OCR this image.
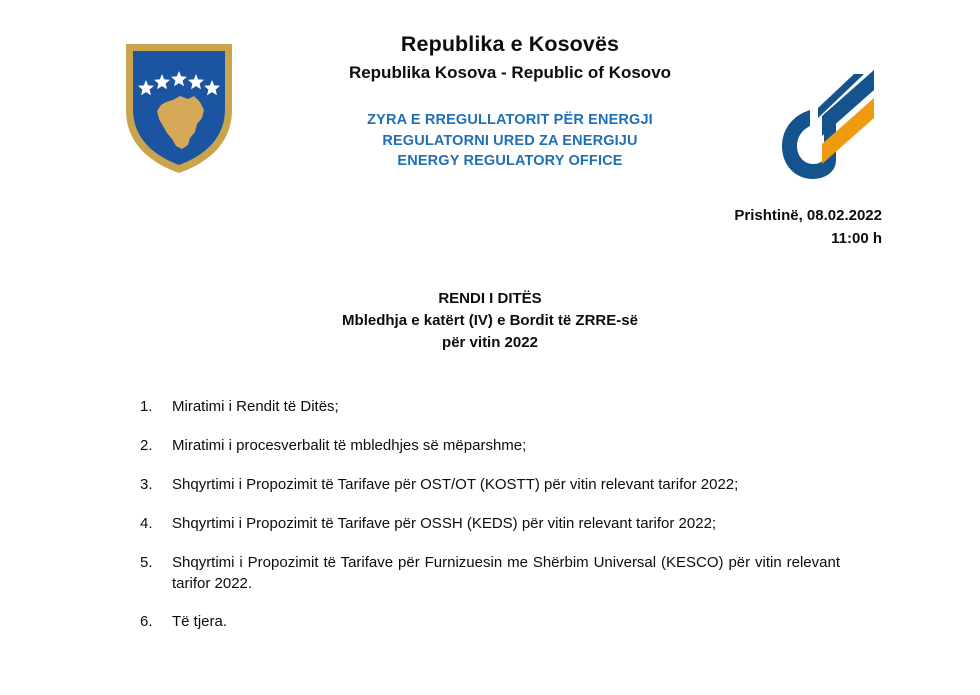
Republika e Kosovës
Republika Kosova - Republic of Kosovo
ZYRA E RREGULLATORIT PËR ENERGJI
REGULATORNI URED ZA ENERGIJU
ENERGY REGULATORY OFFICE
Prishtinë, 08.02.2022
11:00 h
RENDI I DITËS
Mbledhja e katërt (IV) e Bordit të ZRRE-së
për vitin 2022
1.	Miratimi i Rendit të Ditës;
2.	Miratimi i procesverbalit të mbledhjes së mëparshme;
3.	Shqyrtimi i Propozimit të Tarifave për OST/OT (KOSTT) për vitin relevant tarifor 2022;
4.	Shqyrtimi i Propozimit të Tarifave për OSSH (KEDS) për vitin relevant tarifor 2022;
5.	Shqyrtimi i Propozimit të Tarifave për Furnizuesin me Shërbim Universal (KESCO) për vitin relevant tarifor 2022.
6.	Të tjera.
